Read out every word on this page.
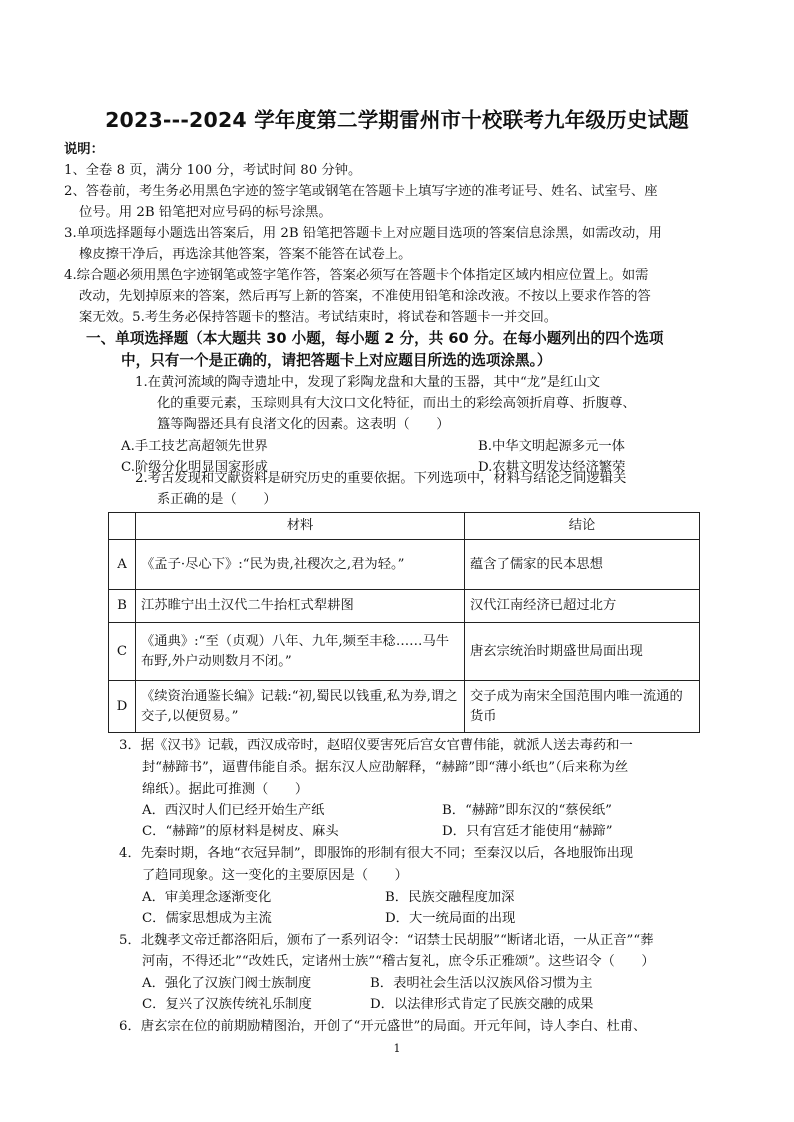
2023---2024 学年度第二学期雷州市十校联考九年级历史试题
说明：
1、全卷 8 页，满分 100 分，考试时间 80 分钟。
2、答卷前，考生务必用黑色字迹的签字笔或钢笔在答题卡上填写字迹的准考证号、姓名、试室号、座
位号。用 2B 铅笔把对应号码的标号涂黑。
3.单项选择题每小题选出答案后，用 2B 铅笔把答题卡上对应题目选项的答案信息涂黑，如需改动，用
橡皮擦干净后，再选涂其他答案，答案不能答在试卷上。
4.综合题必须用黑色字迹钢笔或签字笔作答，答案必须写在答题卡个体指定区域内相应位置上。如需
改动，先划掉原来的答案，然后再写上新的答案，不准使用铅笔和涂改液。不按以上要求作答的答
案无效。5.考生务必保持答题卡的整洁。考试结束时，将试卷和答题卡一并交回。
一、单项选择题（本大题共 30 小题，每小题 2 分，共 60 分。在每小题列出的四个选项
中，只有一个是正确的，请把答题卡上对应题目所选的选项涂黑。）
1.在黄河流域的陶寺遗址中，发现了彩陶龙盘和大量的玉器，其中“龙”是红山文
化的重要元素，玉琮则具有大汶口文化特征，而出土的彩绘高领折肩尊、折腹尊、
簋等陶器还具有良渚文化的因素。这表明（　　）
A.手工技艺高超领先世界	B.中华文明起源多元一体
C.阶级分化明显国家形成	D.农耕文明发达经济繁荣
2.考古发现和文献资料是研究历史的重要依据。下列选项中，材料与结论之间逻辑关
系正确的是（　　）
	材料	结论
A	《孟子·尽心下》:“民为贵,社稷次之,君为轻。”	蕴含了儒家的民本思想
B	江苏睢宁出土汉代二牛抬杠式犁耕图	汉代江南经济已超过北方
C	《通典》:“至（贞观）八年、九年,频至丰稔……马牛布野,外户动则数月不闭。”	唐玄宗统治时期盛世局面出现
D	《续资治通鉴长编》记载:“初,蜀民以钱重,私为券,谓之交子,以便贸易。”	交子成为南宋全国范围内唯一流通的货币
3．据《汉书》记载，西汉成帝时，赵昭仪要害死后宫女官曹伟能，就派人送去毒药和一
封“赫蹄书”，逼曹伟能自杀。据东汉人应劭解释，“赫蹄”即“薄小纸也”（后来称为丝
绵纸）。据此可推测（　　）
A．西汉时人们已经开始生产纸	B．“赫蹄”即东汉的“蔡侯纸”
C．“赫蹄”的原材料是树皮、麻头	D．只有宫廷才能使用“赫蹄”
4．先秦时期，各地“衣冠异制”，即服饰的形制有很大不同；至秦汉以后，各地服饰出现
了趋同现象。这一变化的主要原因是（　　）
A．审美理念逐渐变化	B．民族交融程度加深
C．儒家思想成为主流	D．大一统局面的出现
5．北魏孝文帝迁都洛阳后，颁布了一系列诏令：“诏禁士民胡服”“断诸北语，一从正音”“葬
河南，不得还北”“改姓氏，定诸州士族”“稽古复礼，庶令乐正雅颂”。这些诏令（　　）
A．强化了汉族门阀士族制度	B．表明社会生活以汉族风俗习惯为主
C．复兴了汉族传统礼乐制度	D．以法律形式肯定了民族交融的成果
6．唐玄宗在位的前期励精图治，开创了“开元盛世”的局面。开元年间，诗人李白、杜甫、
1
